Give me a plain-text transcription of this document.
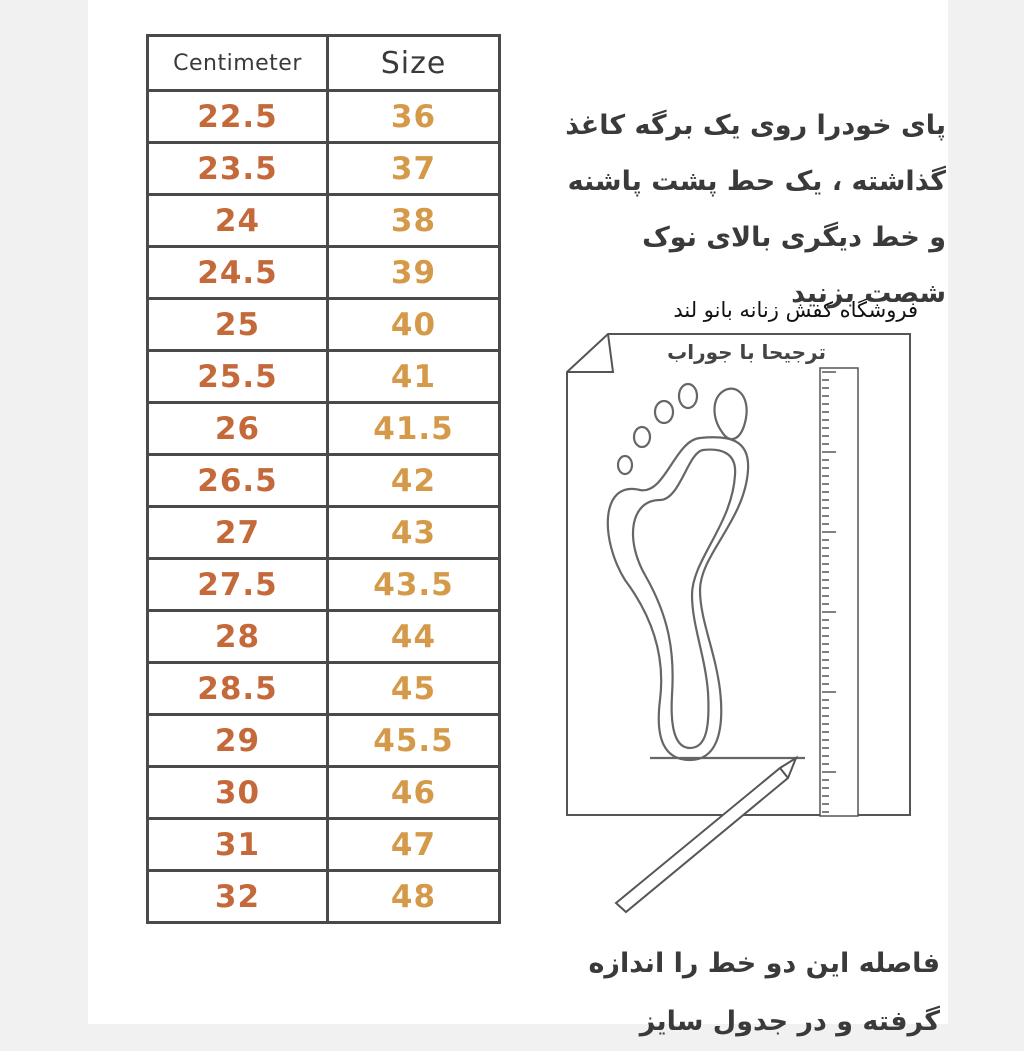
Centimeter	Size
22.5	36
23.5	37
24	38
24.5	39
25	40
25.5	41
26	41.5
26.5	42
27	43
27.5	43.5
28	44
28.5	45
29	45.5
30	46
31	47
32	48

پای خودرا روی یک برگه کاغذ
گذاشته ، یک حط پشت پاشنه
و خط دیگری بالای نوک
شصت بزنید

فروشگاه کفش زنانه بانو لند
ترجیحا با جوراب

فاصله این دو خط را اندازه
گرفته و در جدول سایز
